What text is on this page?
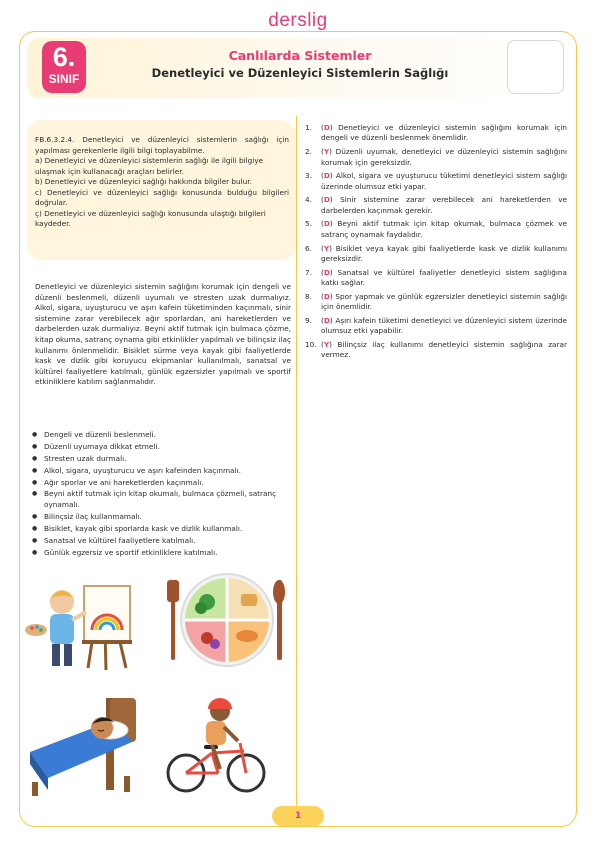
derslig
6.
SINIF
Canlılarda Sistemler
Denetleyici ve Düzenleyici Sistemlerin Sağlığı
FB.6.3.2.4. Denetleyici ve düzenleyici sistemlerin sağlığı için yapılması gerekenlerle ilgili bilgi toplayabilme.
a) Denetleyici ve düzenleyici sistemlerin sağlığı ile ilgili bilgiye ulaşmak için kullanacağı araçları belirler.
b) Denetleyici ve düzenleyici sağlığı hakkında bilgiler bulur.
c) Denetleyici ve düzenleyici sağlığı konusunda bulduğu bilgileri doğrular.
ç) Denetleyici ve düzenleyici sağlığı konusunda ulaştığı bilgileri kaydeder.
Denetleyici ve düzenleyici sistemin sağlığını korumak için dengeli ve düzenli beslenmeli, düzenli uyumalı ve stresten uzak durmalıyız. Alkol, sigara, uyuşturucu ve aşırı kafein tüketiminden kaçınmalı, sinir sistemine zarar verebilecek ağır sporlardan, ani hareketlerden ve darbelerden uzak durmalıyız. Beyni aktif tutmak için bulmaca çözme, kitap okuma, satranç oynama gibi etkinlikler yapılmalı ve bilinçsiz ilaç kullanımı önlenmelidir. Bisiklet sürme veya kayak gibi faaliyetlerde kask ve dizlik gibi koruyucu ekipmanlar kullanılmalı, sanatsal ve kültürel faaliyetlere katılmalı, günlük egzersizler yapılmalı ve sportif etkinliklere katılım sağlanmalıdır.
● Dengeli ve düzenli beslenmeli.
● Düzenli uyumaya dikkat etmeli.
● Stresten uzak durmalı.
● Alkol, sigara, uyuşturucu ve aşırı kafeinden kaçınmalı.
● Ağır sporlar ve ani hareketlerden kaçınmalı.
● Beyni aktif tutmak için kitap okumalı, bulmaca çözmeli, satranç oynamalı.
● Bilinçsiz ilaç kullanmamalı.
● Bisiklet, kayak gibi sporlarda kask ve dizlik kullanmalı.
● Sanatsal ve kültürel faaliyetlere katılmalı.
● Günlük egzersiz ve sportif etkinliklere katılmalı.
1. (D) Denetleyici ve düzenleyici sistemin sağlığını korumak için dengeli ve düzenli beslenmek önemlidir.
2. (Y) Düzenli uyumak, denetleyici ve düzenleyici sistemin sağlığını korumak için gereksizdir.
3. (D) Alkol, sigara ve uyuşturucu tüketimi denetleyici sistem sağlığı üzerinde olumsuz etki yapar.
4. (D) Sinir sistemine zarar verebilecek ani hareketlerden ve darbelerden kaçınmak gerekir.
5. (D) Beyni aktif tutmak için kitap okumak, bulmaca çözmek ve satranç oynamak faydalıdır.
6. (Y) Bisiklet veya kayak gibi faaliyetlerde kask ve dizlik kullanımı gereksizdir.
7. (D) Sanatsal ve kültürel faaliyetler denetleyici sistem sağlığına katkı sağlar.
8. (D) Spor yapmak ve günlük egzersizler denetleyici sistemin sağlığı için önemlidir.
9. (D) Aşırı kafein tüketimi denetleyici ve düzenleyici sistem üzerinde olumsuz etki yapabilir.
10. (Y) Bilinçsiz ilaç kullanımı denetleyici sistemin sağlığına zarar vermez.
1
